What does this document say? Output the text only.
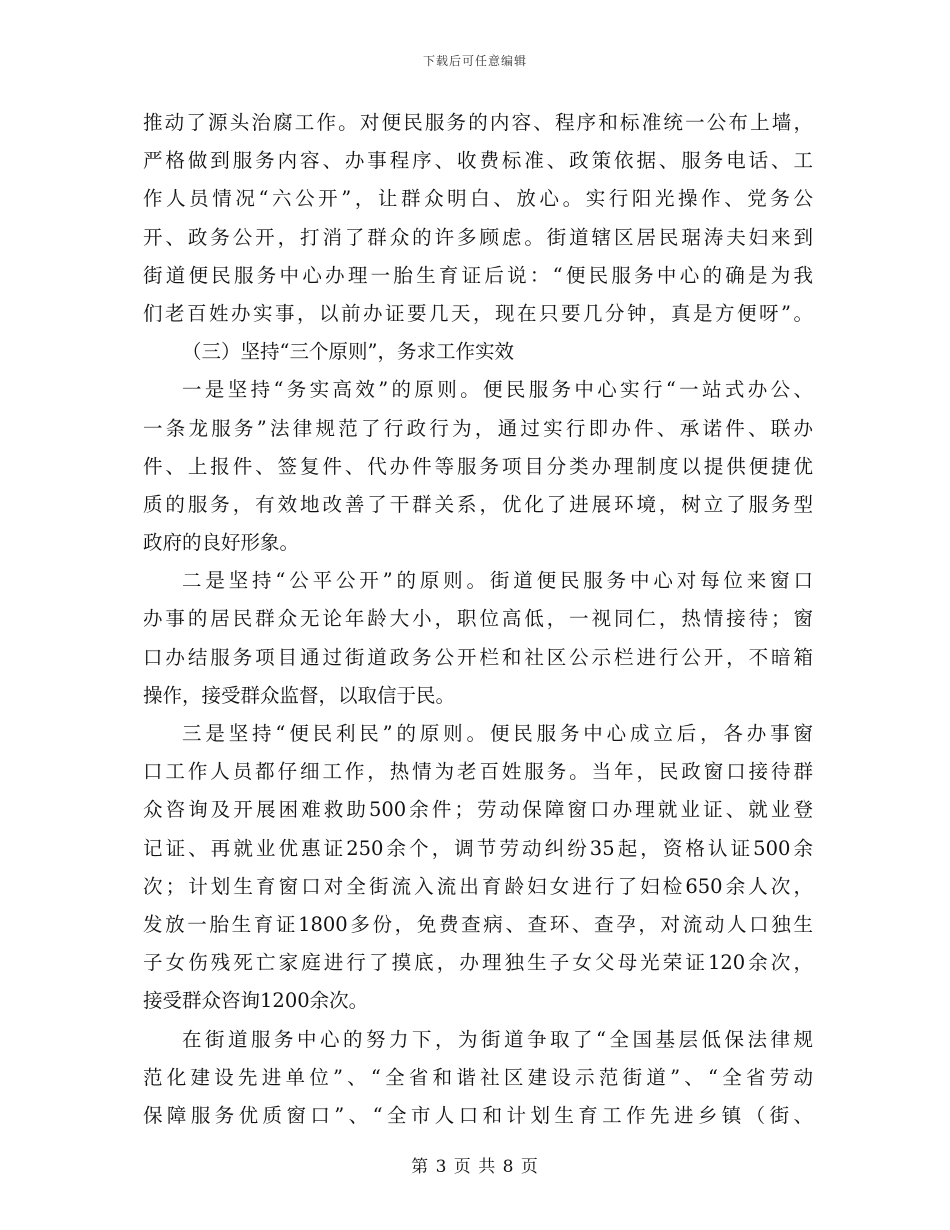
下载后可任意编辑
推动了源头治腐工作。对便民服务的内容、程序和标准统一公布上墙，
严格做到服务内容、办事程序、收费标准、政策依据、服务电话、工
作人员情况“六公开”，让群众明白、放心。实行阳光操作、党务公
开、政务公开，打消了群众的许多顾虑。街道辖区居民琚涛夫妇来到
街道便民服务中心办理一胎生育证后说：“便民服务中心的确是为我
们老百姓办实事，以前办证要几天，现在只要几分钟，真是方便呀”。
（三）坚持“三个原则”，务求工作实效
一是坚持“务实高效”的原则。便民服务中心实行“一站式办公、
一条龙服务”法律规范了行政行为，通过实行即办件、承诺件、联办
件、上报件、签复件、代办件等服务项目分类办理制度以提供便捷优
质的服务，有效地改善了干群关系，优化了进展环境，树立了服务型
政府的良好形象。
二是坚持“公平公开”的原则。街道便民服务中心对每位来窗口
办事的居民群众无论年龄大小，职位高低，一视同仁，热情接待；窗
口办结服务项目通过街道政务公开栏和社区公示栏进行公开，不暗箱
操作，接受群众监督，以取信于民。
三是坚持“便民利民”的原则。便民服务中心成立后，各办事窗
口工作人员都仔细工作，热情为老百姓服务。当年，民政窗口接待群
众咨询及开展困难救助500余件；劳动保障窗口办理就业证、就业登
记证、再就业优惠证250余个，调节劳动纠纷35起，资格认证500余
次；计划生育窗口对全街流入流出育龄妇女进行了妇检650余人次，
发放一胎生育证1800多份，免费查病、查环、查孕，对流动人口独生
子女伤残死亡家庭进行了摸底，办理独生子女父母光荣证120余次，
接受群众咨询1200余次。
在街道服务中心的努力下，为街道争取了“全国基层低保法律规
范化建设先进单位”、“全省和谐社区建设示范街道”、“全省劳动
保障服务优质窗口”、“全市人口和计划生育工作先进乡镇（街、
第 3 页 共 8 页
